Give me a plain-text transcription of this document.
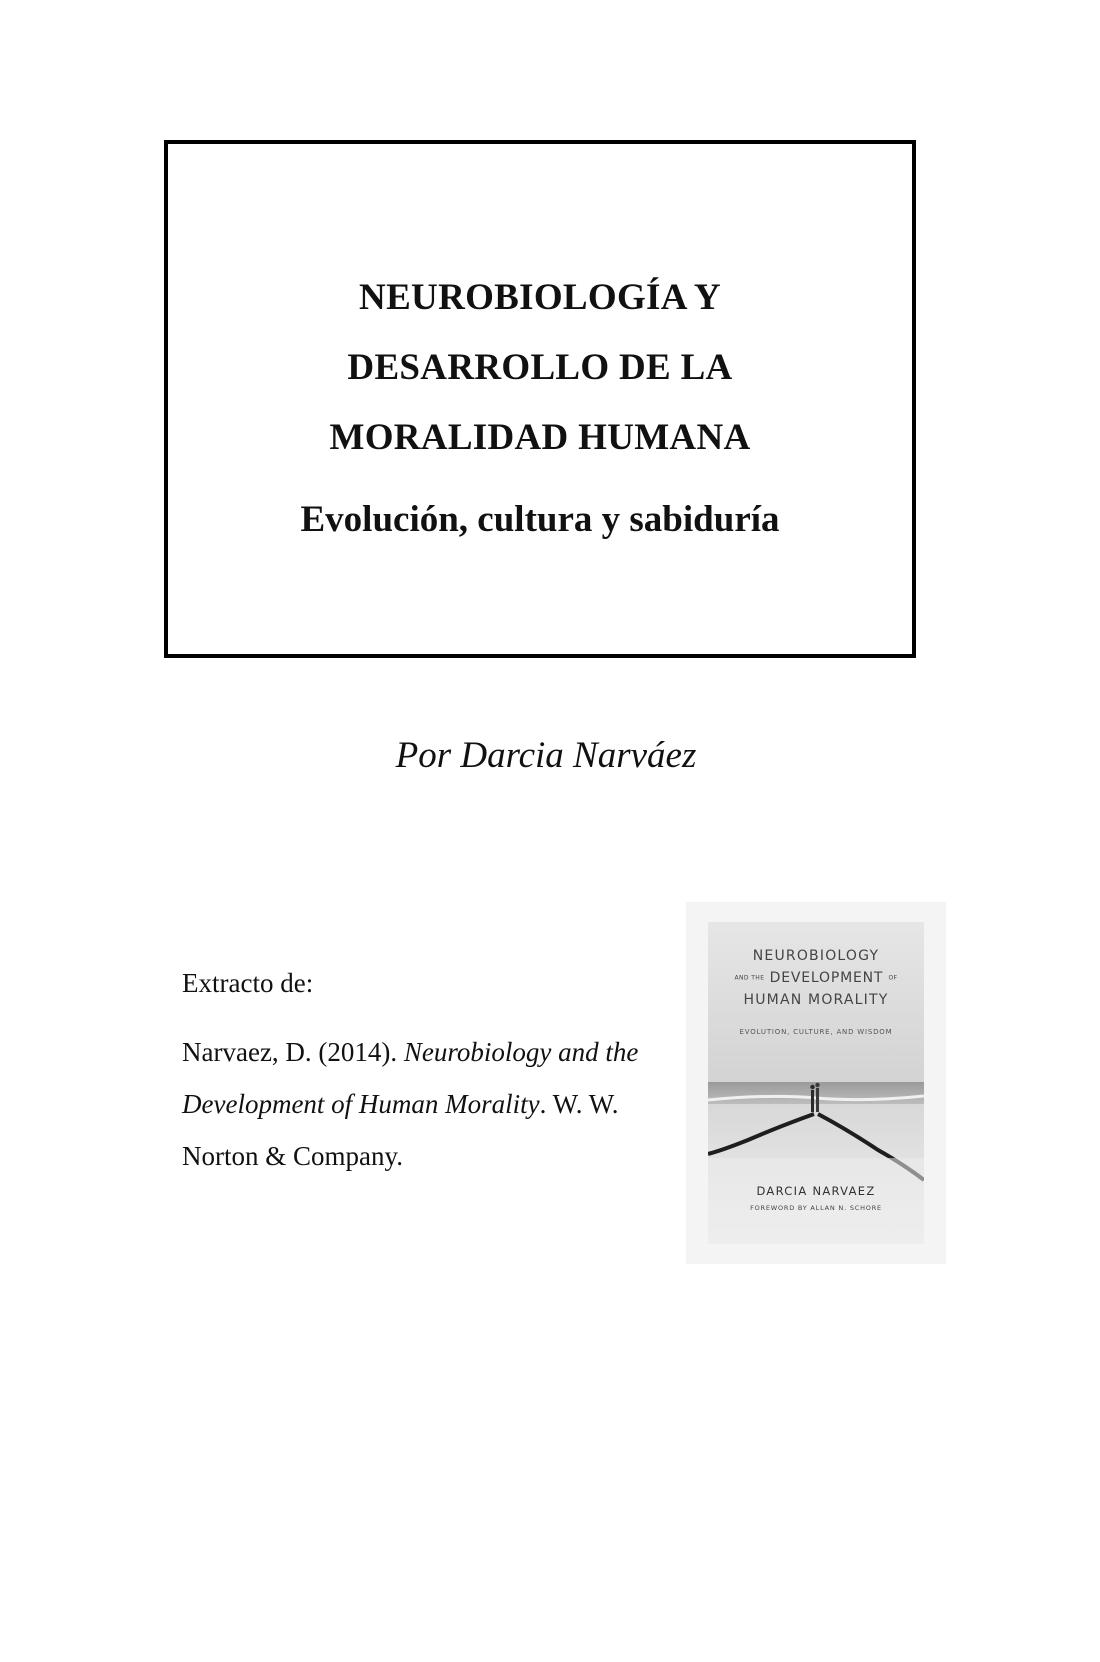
NEUROBIOLOGÍA Y
DESARROLLO DE LA
MORALIDAD HUMANA
Evolución, cultura y sabiduría
Por Darcia Narváez
Extracto de:
Narvaez, D. (2014). Neurobiology and the Development of Human Morality. W. W. Norton & Company.
NEUROBIOLOGY
AND THE DEVELOPMENT OF
HUMAN MORALITY
EVOLUTION, CULTURE, AND WISDOM
DARCIA NARVAEZ
FOREWORD BY ALLAN N. SCHORE
